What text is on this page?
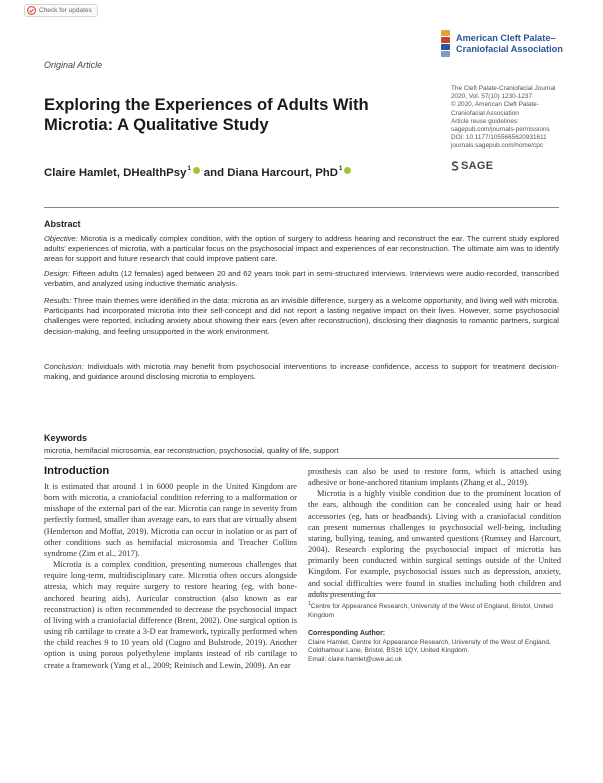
Check for updates
American Cleft Palate–
Craniofacial Association
Original Article
The Cleft Palate-Craniofacial Journal
2020, Vol. 57(10) 1230-1237
© 2020, American Cleft Palate-
Craniofacial Association
Article reuse guidelines:
sagepub.com/journals-permissions
DOI: 10.1177/1055665620931611
journals.sagepub.com/home/cpc
SAGE
Exploring the Experiences of Adults With
Microtia: A Qualitative Study
Claire Hamlet, DHealthPsy$^1$ and Diana Harcourt, PhD$^1$
Abstract
Objective: Microtia is a medically complex condition, with the option of surgery to address hearing and reconstruct the ear. The current study explored adults' experiences of microtia, with a particular focus on the psychosocial impact and experiences of ear reconstruction. The ultimate aim was to identify areas for support and future research that could improve patient care.
Design: Fifteen adults (12 females) aged between 20 and 62 years took part in semi-structured interviews. Interviews were audio-recorded, transcribed verbatim, and analyzed using inductive thematic analysis.
Results: Three main themes were identified in the data: microtia as an invisible difference, surgery as a welcome opportunity, and living well with microtia. Participants had incorporated microtia into their self-concept and did not report a lasting negative impact on their lives. However, some psychosocial challenges were reported, including anxiety about showing their ears (even after reconstruction), disclosing their diagnosis to romantic partners, surgical decision-making, and feeling unsupported in the work environment.
Conclusion: Individuals with microtia may benefit from psychosocial interventions to increase confidence, access to support for treatment decision-making, and guidance around disclosing microtia to employers.
Keywords
microtia, hemifacial microsomia, ear reconstruction, psychosocial, quality of life, support
Introduction

It is estimated that around 1 in 6000 people in the United Kingdom are born with microtia, a craniofacial condition referring to a malformation or misshape of the external part of the ear. Microtia can range in severity from perfectly formed, smaller than average ears, to ears that are virtually absent (Henderson and Moffat, 2019). Microtia can occur in isolation or as part of other conditions such as hemifacial microsomia and Treacher Collins syndrome (Zim et al., 2017).

Microtia is a complex condition, presenting numerous challenges that require long-term, multidisciplinary care. Microtia often occurs alongside atresia, which may require surgery to restore hearing (eg, with bone-anchored hearing aids). Auricular construction (also known as ear reconstruction) is often recommended to decrease the psychosocial impact of living with a craniofacial difference (Brent, 2002). One surgical option is using rib cartilage to create a 3-D ear framework, typically performed when the child reaches 9 to 10 years old (Cugno and Bulstrode, 2019). Another option is using porous polyethylene implants instead of rib cartilage to create a framework (Yang et al., 2009; Reinisch and Lewin, 2009). An ear

prosthesis can also be used to restore form, which is attached using adhesive or bone-anchored titanium implants (Zhang et al., 2019).

Microtia is a highly visible condition due to the prominent location of the ears, although the condition can be concealed using hair or head accessories (eg, hats or headbands). Living with a craniofacial condition can present numerous challenges to psychosocial well-being, including staring, bullying, teasing, and unwanted questions (Rumsey and Harcourt, 2004). Research exploring the psychosocial impact of microtia has primarily been conducted within surgical settings outside of the United Kingdom. For example, psychosocial issues such as depression, anxiety, and social difficulties were found in studies including both children and adults presenting for

$^1$Centre for Appearance Research, University of the West of England, Bristol, United Kingdom
Corresponding Author:
Claire Hamlet, Centre for Appearance Research, University of the West of England, Coldharbour Lane, Bristol, BS16 1QY, United Kingdom.
Email: claire.hamlet@uwe.ac.uk
